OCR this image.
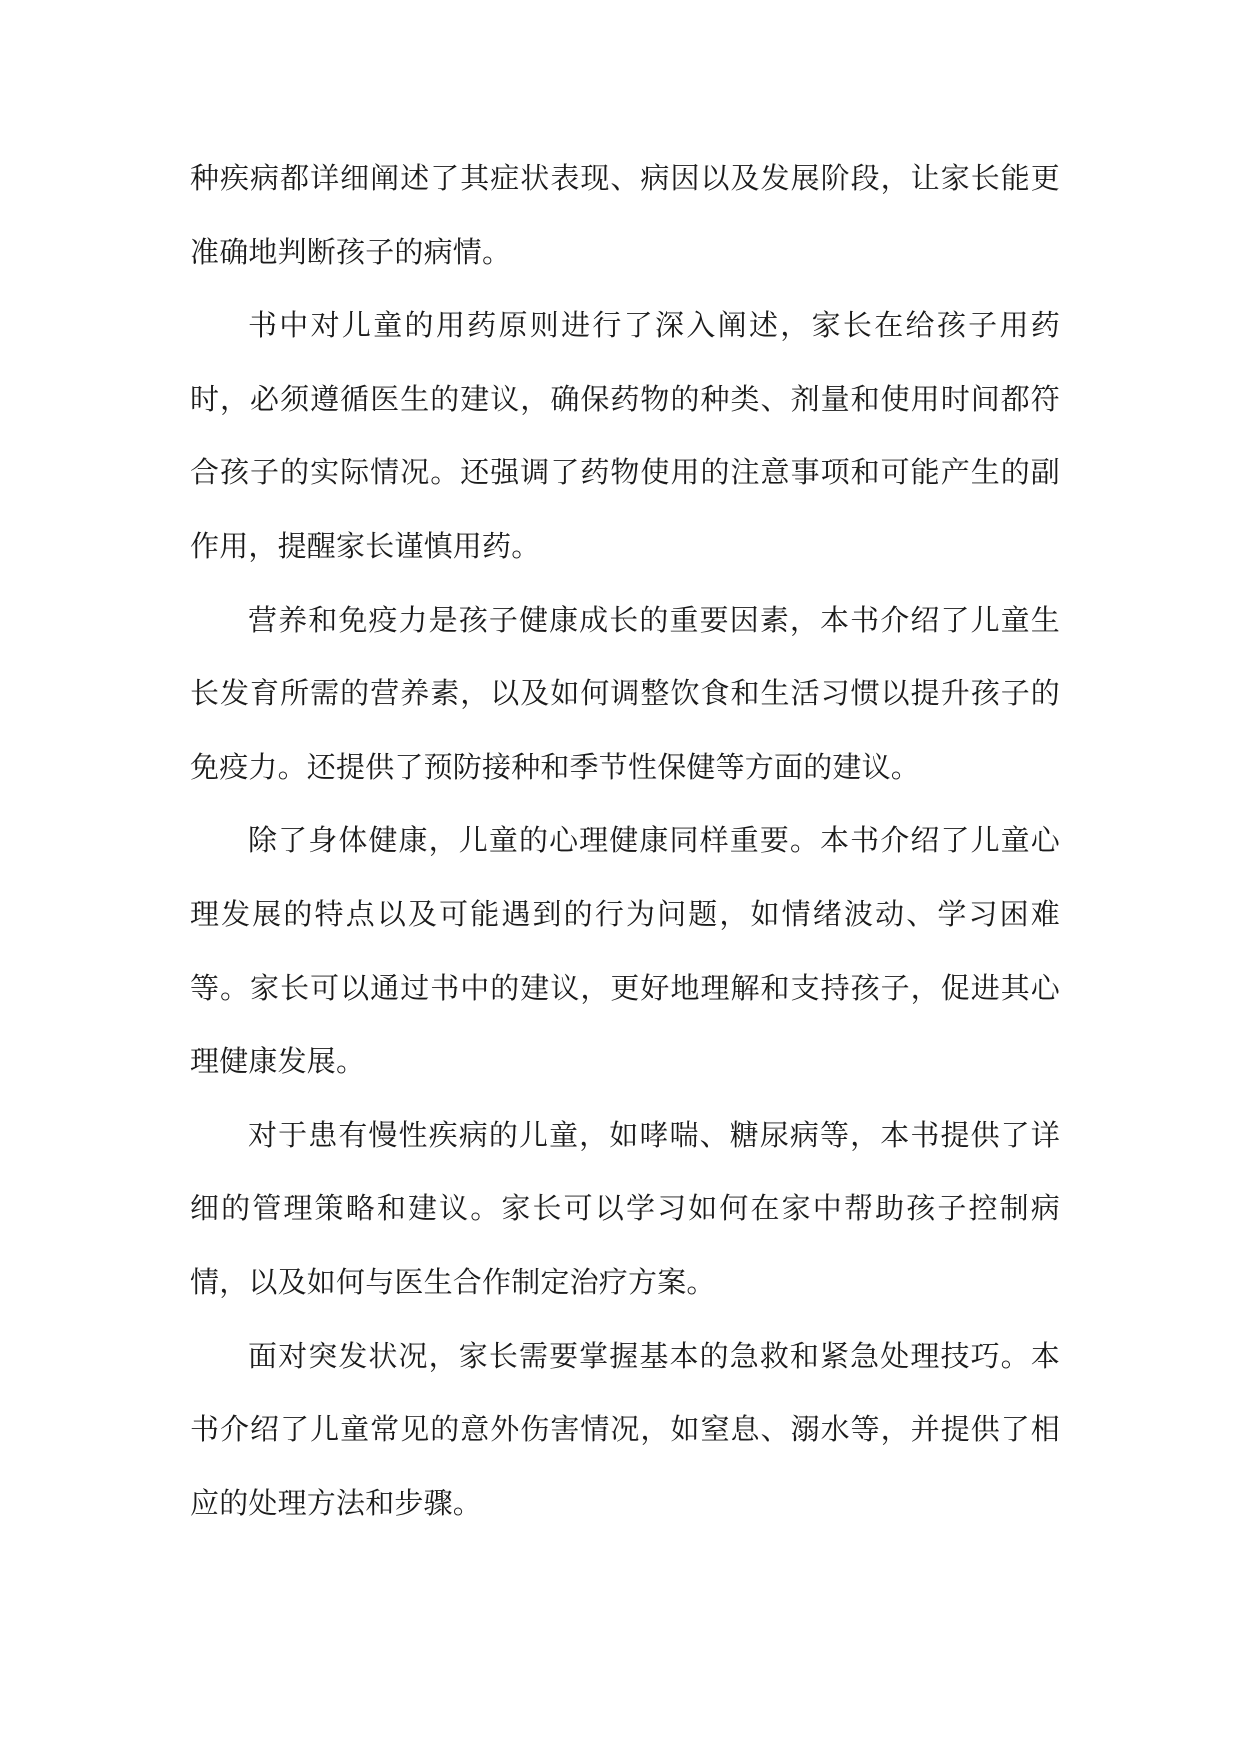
种疾病都详细阐述了其症状表现、病因以及发展阶段，让家长能更准确地判断孩子的病情。

书中对儿童的用药原则进行了深入阐述，家长在给孩子用药时，必须遵循医生的建议，确保药物的种类、剂量和使用时间都符合孩子的实际情况。还强调了药物使用的注意事项和可能产生的副作用，提醒家长谨慎用药。

营养和免疫力是孩子健康成长的重要因素，本书介绍了儿童生长发育所需的营养素，以及如何调整饮食和生活习惯以提升孩子的免疫力。还提供了预防接种和季节性保健等方面的建议。

除了身体健康，儿童的心理健康同样重要。本书介绍了儿童心理发展的特点以及可能遇到的行为问题，如情绪波动、学习困难等。家长可以通过书中的建议，更好地理解和支持孩子，促进其心理健康发展。

对于患有慢性疾病的儿童，如哮喘、糖尿病等，本书提供了详细的管理策略和建议。家长可以学习如何在家中帮助孩子控制病情，以及如何与医生合作制定治疗方案。

面对突发状况，家长需要掌握基本的急救和紧急处理技巧。本书介绍了儿童常见的意外伤害情况，如窒息、溺水等，并提供了相应的处理方法和步骤。
